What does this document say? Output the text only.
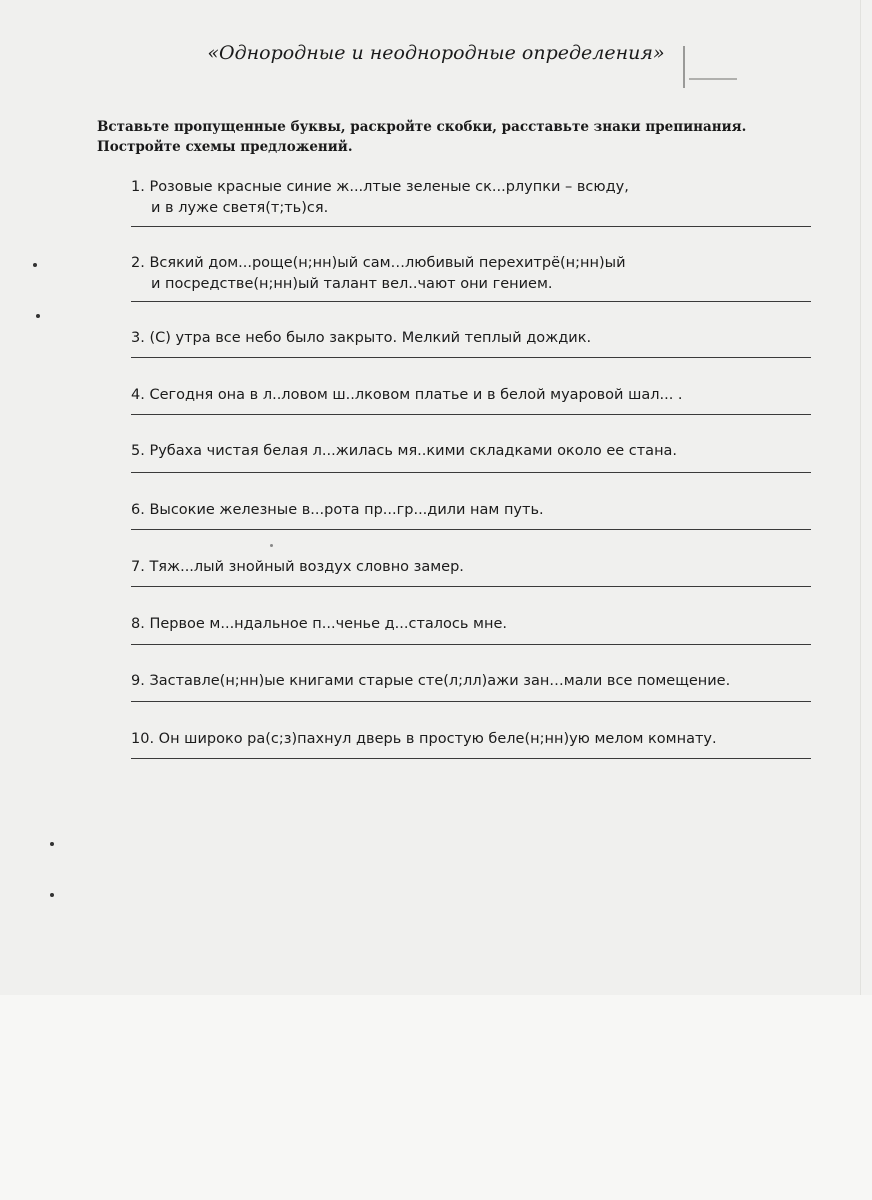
«Однородные и неоднородные определения»
Вставьте пропущенные буквы, раскройте скобки, расставьте знаки препинания.
Постройте схемы предложений.
1. Розовые красные синие ж...лтые зеленые ск...рлупки – всюду,
и в луже светя(т;ть)ся.
2. Всякий дом...роще(н;нн)ый сам…любивый перехитрё(н;нн)ый
и посредстве(н;нн)ый талант вел..чают они гением.
3. (С) утра все небо было закрыто. Мелкий теплый дождик.
4. Сегодня она в л..ловом ш..лковом платье и в белой муаровой шал... .
5. Рубаха чистая белая л...жилась мя..кими складками около ее стана.
6. Высокие железные в...рота пр...гр...дили нам путь.
7. Тяж...лый знойный воздух словно замер.
8. Первое м...ндальное п...ченье д...сталось мне.
9. Заставле(н;нн)ые книгами старые сте(л;лл)ажи зан…мали все помещение.
10. Он широко ра(с;з)пахнул дверь в простую беле(н;нн)ую мелом комнату.
